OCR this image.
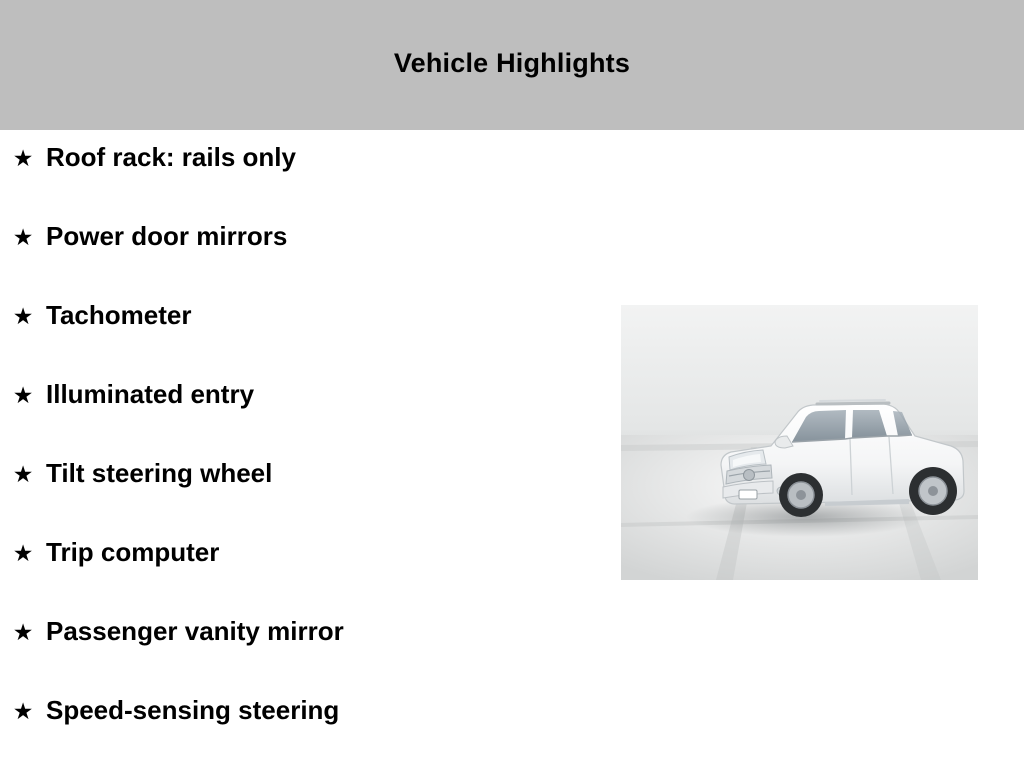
Vehicle Highlights
★ Roof rack: rails only
★ Power door mirrors
★ Tachometer
★ Illuminated entry
★ Tilt steering wheel
★ Trip computer
★ Passenger vanity mirror
★ Speed-sensing steering
